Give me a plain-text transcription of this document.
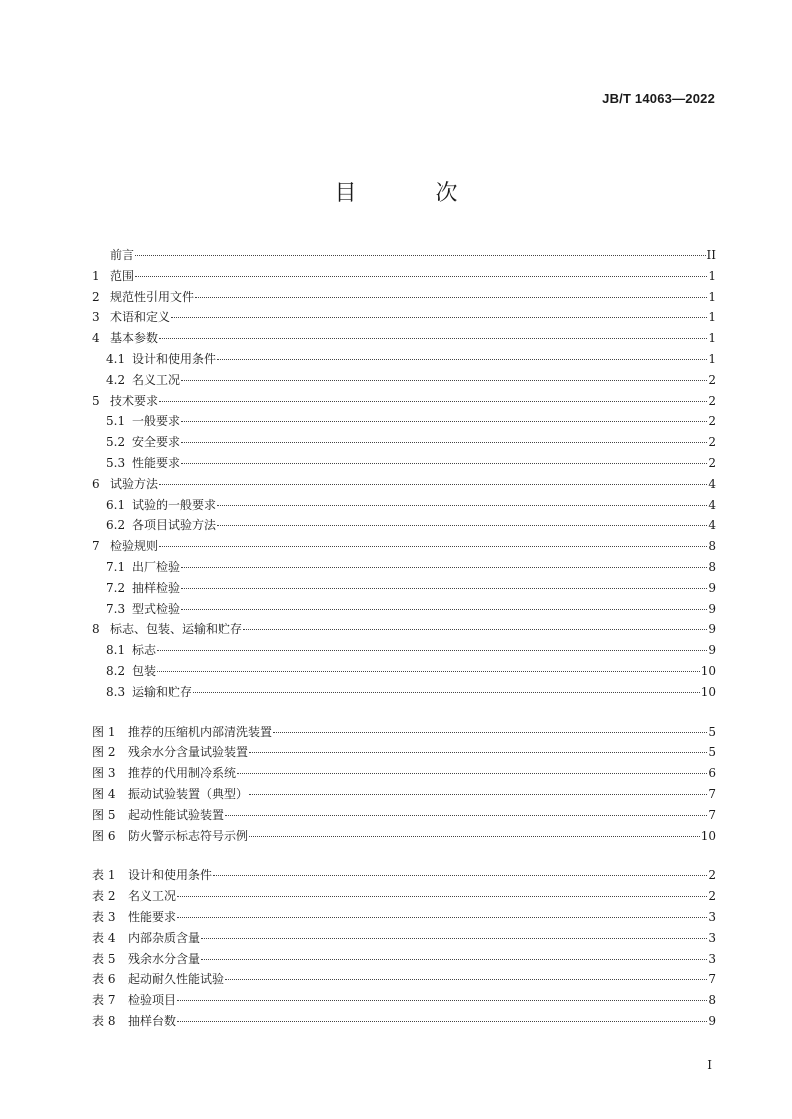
JB/T 14063—2022
目 次
前言	II
1 范围	1
2 规范性引用文件	1
3 术语和定义	1
4 基本参数	1
4.1 设计和使用条件	1
4.2 名义工况	2
5 技术要求	2
5.1 一般要求	2
5.2 安全要求	2
5.3 性能要求	2
6 试验方法	4
6.1 试验的一般要求	4
6.2 各项目试验方法	4
7 检验规则	8
7.1 出厂检验	8
7.2 抽样检验	9
7.3 型式检验	9
8 标志、包装、运输和贮存	9
8.1 标志	9
8.2 包装	10
8.3 运输和贮存	10
图 1	推荐的压缩机内部清洗装置	5
图 2	残余水分含量试验装置	5
图 3	推荐的代用制冷系统	6
图 4	振动试验装置（典型）	7
图 5	起动性能试验装置	7
图 6	防火警示标志符号示例	10
表 1	设计和使用条件	2
表 2	名义工况	2
表 3	性能要求	3
表 4	内部杂质含量	3
表 5	残余水分含量	3
表 6	起动耐久性能试验	7
表 7	检验项目	8
表 8	抽样台数	9
I
